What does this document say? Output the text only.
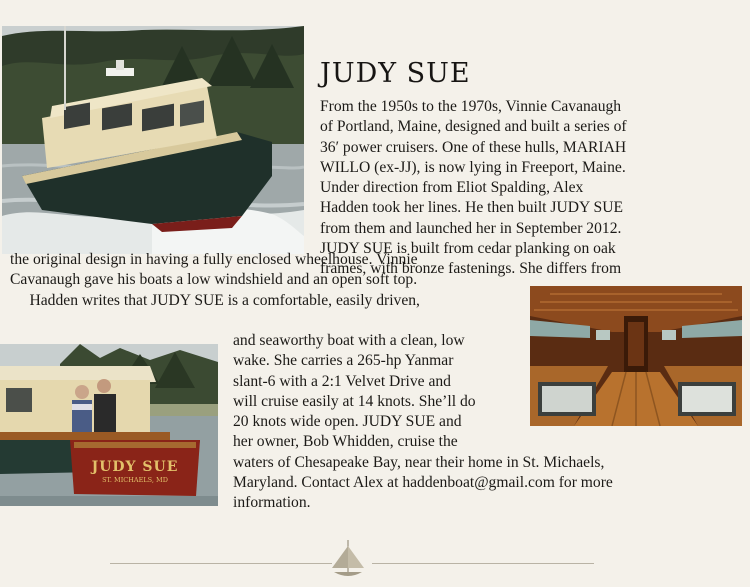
JUDY SUE
From the 1950s to the 1970s, Vinnie Cavanaugh
of Portland, Maine, designed and built a series of
36′ power cruisers. One of these hulls, MARIAH
WILLO (ex-JJ), is now lying in Freeport, Maine.
Under direction from Eliot Spalding, Alex
Hadden took her lines. He then built JUDY SUE
from them and launched her in September 2012.
JUDY SUE is built from cedar planking on oak
frames, with bronze fastenings. She differs from
the original design in having a fully enclosed wheelhouse. Vinnie
Cavanaugh gave his boats a low windshield and an open soft top.
Hadden writes that JUDY SUE is a comfortable, easily driven,
JUDY SUE
ST. MICHAELS, MD
and seaworthy boat with a clean, low
wake. She carries a 265-hp Yanmar
slant-6 with a 2:1 Velvet Drive and
will cruise easily at 14 knots. She’ll do
20 knots wide open. JUDY SUE and
her owner, Bob Whidden, cruise the
waters of Chesapeake Bay, near their home in St. Michaels,
Maryland. Contact Alex at haddenboat@gmail.com for more
information.
